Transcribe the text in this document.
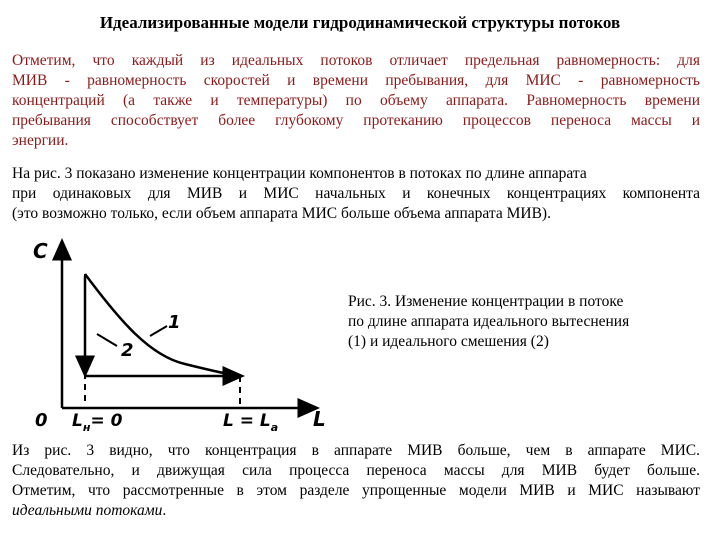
Идеализированные модели гидродинамической структуры потоков
Отметим, что каждый из идеальных потоков отличает предельная равномерность: для
МИВ - равномерность скоростей и времени пребывания, для МИС - равномерность
концентраций (а также и температуры) по объему аппарата. Равномерность времени
пребывания способствует более глубокому протеканию процессов переноса массы и
энергии.
На рис. 3 показано изменение концентрации компонентов в потоках по длине аппарата
при одинаковых для МИВ и МИС начальных и конечных концентрациях компонента
(это возможно только, если объем аппарата МИС больше объема аппарата МИВ).
C
L
0
1
2
$L_н= 0$	$L = L_а$
Рис. 3. Изменение концентрации в потоке
по длине аппарата идеального вытеснения
(1) и идеального смешения (2)
Из рис. 3 видно, что концентрация в аппарате МИВ больше, чем в аппарате МИС.
Следовательно, и движущая сила процесса переноса массы для МИВ будет больше.
Отметим, что рассмотренные в этом разделе упрощенные модели МИВ и МИС называют
идеальными потоками.
